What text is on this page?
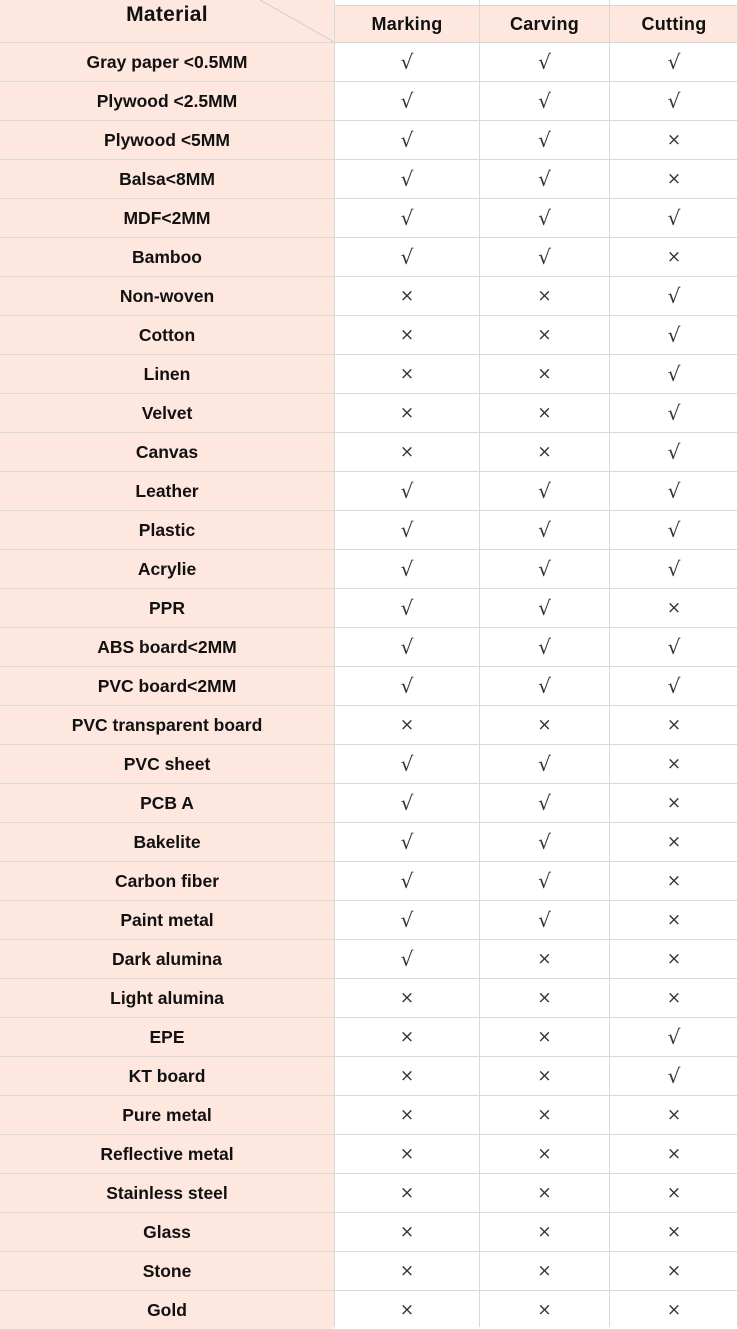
Material	Marking	Carving	Cutting
Gray paper <0.5MM	√	√	√
Plywood <2.5MM	√	√	√
Plywood <5MM	√	√	×
Balsa<8MM	√	√	×
MDF<2MM	√	√	√
Bamboo	√	√	×
Non-woven	×	×	√
Cotton	×	×	√
Linen	×	×	√
Velvet	×	×	√
Canvas	×	×	√
Leather	√	√	√
Plastic	√	√	√
Acrylie	√	√	√
PPR	√	√	×
ABS board<2MM	√	√	√
PVC board<2MM	√	√	√
PVC transparent board	×	×	×
PVC sheet	√	√	×
PCB A	√	√	×
Bakelite	√	√	×
Carbon fiber	√	√	×
Paint metal	√	√	×
Dark alumina	√	×	×
Light alumina	×	×	×
EPE	×	×	√
KT board	×	×	√
Pure metal	×	×	×
Reflective metal	×	×	×
Stainless steel	×	×	×
Glass	×	×	×
Stone	×	×	×
Gold	×	×	×
